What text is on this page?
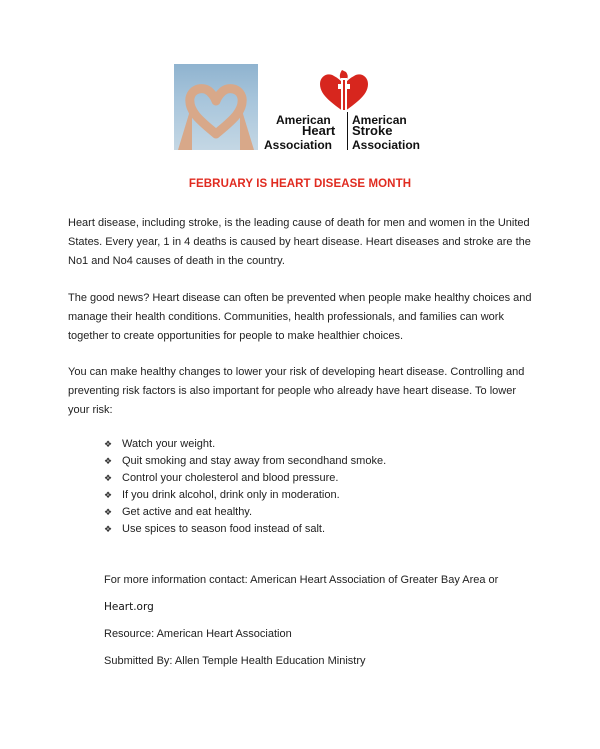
American
Heart
Association
American
Stroke
Association
FEBRUARY IS HEART DISEASE MONTH

Heart disease, including stroke, is the leading cause of death for men and women in the United States. Every year, 1 in 4 deaths is caused by heart disease. Heart diseases and stroke are the No1 and No4 causes of death in the country.

The good news? Heart disease can often be prevented when people make healthy choices and manage their health conditions. Communities, health professionals, and families can work together to create opportunities for people to make healthier choices.

You can make healthy changes to lower your risk of developing heart disease. Controlling and preventing risk factors is also important for people who already have heart disease. To lower your risk:

❖ Watch your weight.
❖ Quit smoking and stay away from secondhand smoke.
❖ Control your cholesterol and blood pressure.
❖ If you drink alcohol, drink only in moderation.
❖ Get active and eat healthy.
❖ Use spices to season food instead of salt.

For more information contact: American Heart Association of Greater Bay Area or

Heart.org

Resource: American Heart Association

Submitted By: Allen Temple Health Education Ministry
